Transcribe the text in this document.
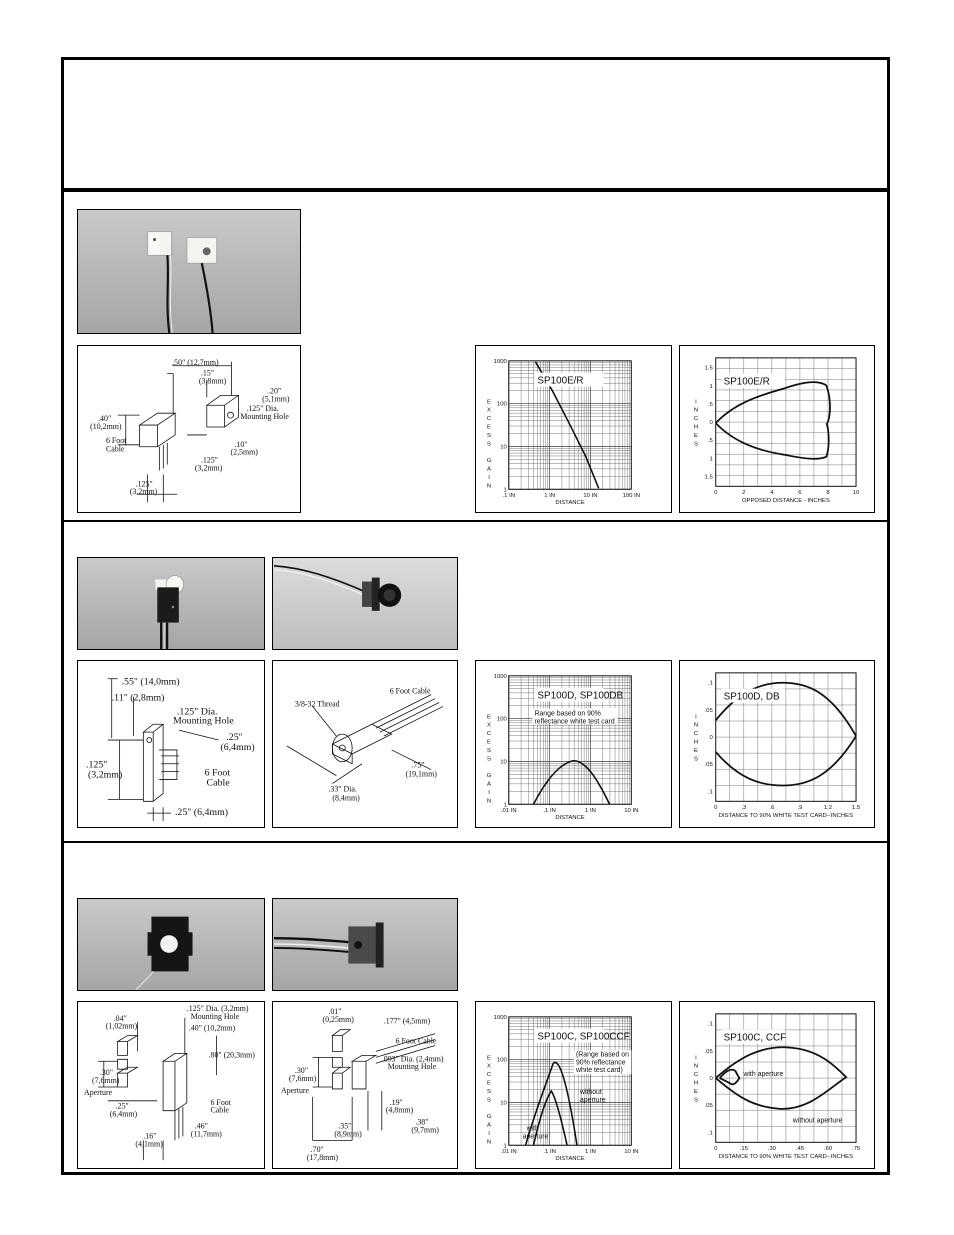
.50" (12,7mm)
.15"
(3,8mm)
.20"
(5,1mm)
.125" Dia.
Mounting Hole
.40"
(10,2mm)
6 Foot
Cable
.10"
(2,5mm)
.125"
(3,2mm)
.125"
(3,2mm)
1000
100
10
1
.1 IN	1 IN	10 IN	100 IN
DISTANCE
E
X
C
E
S
S
G
A
I
N
SP100E/R
1.5
1
.5
0
.5
1
1.5
0	2	4	6	8	10
OPPOSED DISTANCE - INCHES
I
N
C
H
E
S
SP100E/R
.55" (14,0mm)
.11" (2,8mm)
.125" Dia.
Mounting Hole
.25"
(6,4mm)
.125"
(3,2mm)	6 Foot
Cable
.25" (6,4mm)
3/8-32 Thread
6 Foot Cable
.75"
(19,1mm)
.33" Dia.
(8,4mm)
1000
100
10
1
.01 IN	.1 IN	1 IN	10 IN
DISTANCE
E
X
C
E
S
S
G
A
I
N
SP100D, SP100DB
Range based on 90%
reflectance white test card
.1
.05
0
.05
.1
0	.3	.6	.9	1.2	1.5
DISTANCE TO 90% WHITE TEST CARD--INCHES
I
N
C
H
E
S
SP100D, DB
.04"
(1,02mm)
.125" Dia. (3,2mm)
Mounting Hole
.40" (10,2mm)
.80" (20,3mm)
.30"
(7,6mm)
Aperture
6 Foot
Cable
.25"
(6,4mm)
.16"
(4,1mm)
.46"
(11,7mm)
.01"
(0,25mm)	.177" (4,5mm)
6 Foot Cable
.093" Dia. (2,4mm)
Mounting Hole
.30"
(7,6mm)
Aperture
.19"
(4,8mm)
.38"
(9,7mm)
.35"
(8,9mm)
.70"
(17,8mm)
1000
100
10
1
.01 IN	.1 IN	1 IN	10 IN
DISTANCE
E
X
C
E
S
S
G
A
I
N
SP100C, SP100CCF
(Range based on
90% reflectance
white test card)
without
aperture
with
aperture
.1
.05
0
.05
.1
0	.15	.30	.45	.60	.75
DISTANCE TO 90% WHITE TEST CARD--INCHES
I
N
C
H
E
S
SP100C, CCF
with aperture
without aperture
